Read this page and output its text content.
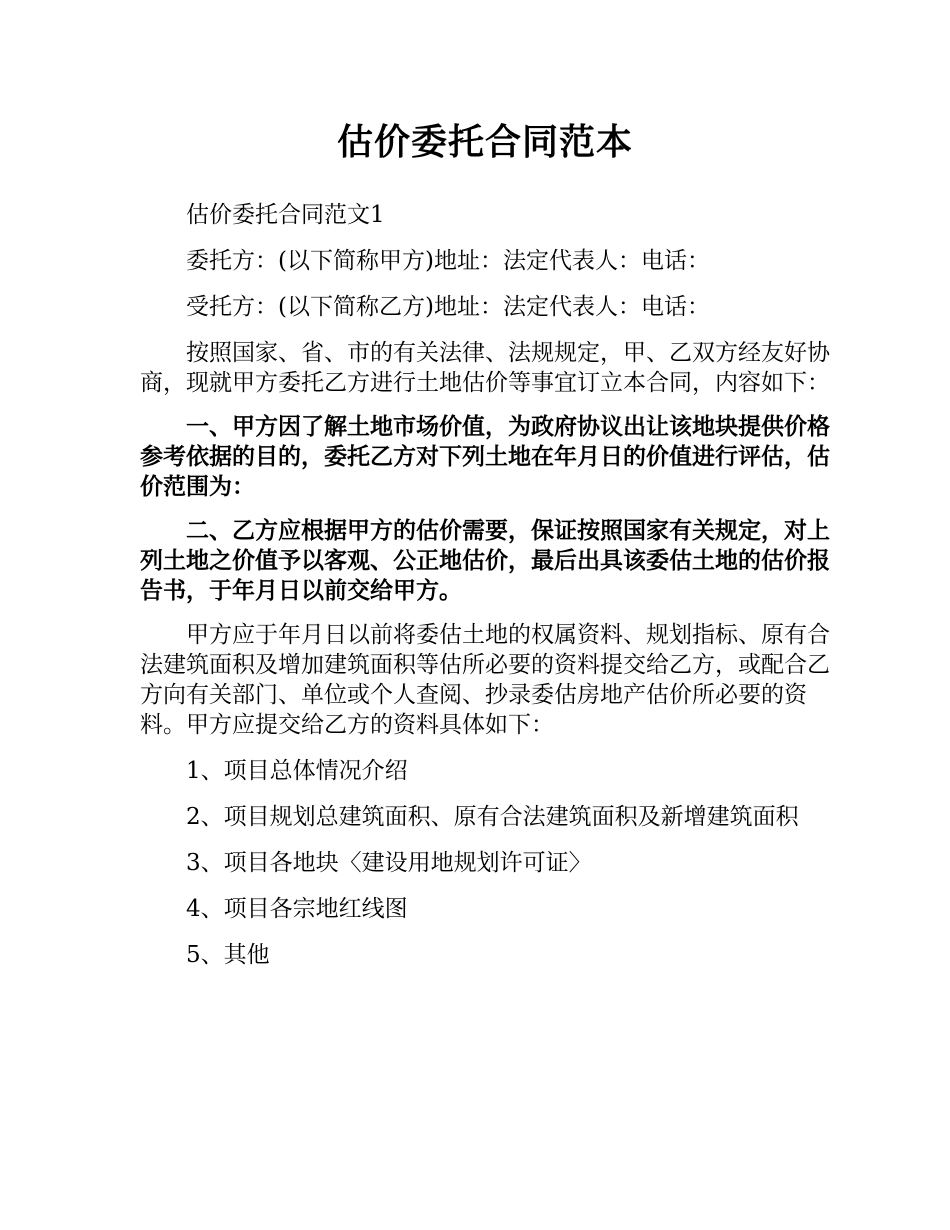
估价委托合同范本

估价委托合同范文1

委托方：(以下简称甲方)地址：法定代表人：电话：

受托方：(以下简称乙方)地址：法定代表人：电话：

按照国家、省、市的有关法律、法规规定，甲、乙双方经友好协商，现就甲方委托乙方进行土地估价等事宜订立本合同，内容如下：

一、甲方因了解土地市场价值，为政府协议出让该地块提供价格参考依据的目的，委托乙方对下列土地在年月日的价值进行评估，估价范围为：

二、乙方应根据甲方的估价需要，保证按照国家有关规定，对上列土地之价值予以客观、公正地估价，最后出具该委估土地的估价报告书，于年月日以前交给甲方。

甲方应于年月日以前将委估土地的权属资料、规划指标、原有合法建筑面积及增加建筑面积等估所必要的资料提交给乙方，或配合乙方向有关部门、单位或个人查阅、抄录委估房地产估价所必要的资料。甲方应提交给乙方的资料具体如下：

1、项目总体情况介绍

2、项目规划总建筑面积、原有合法建筑面积及新增建筑面积

3、项目各地块〈建设用地规划许可证〉

4、项目各宗地红线图

5、其他
